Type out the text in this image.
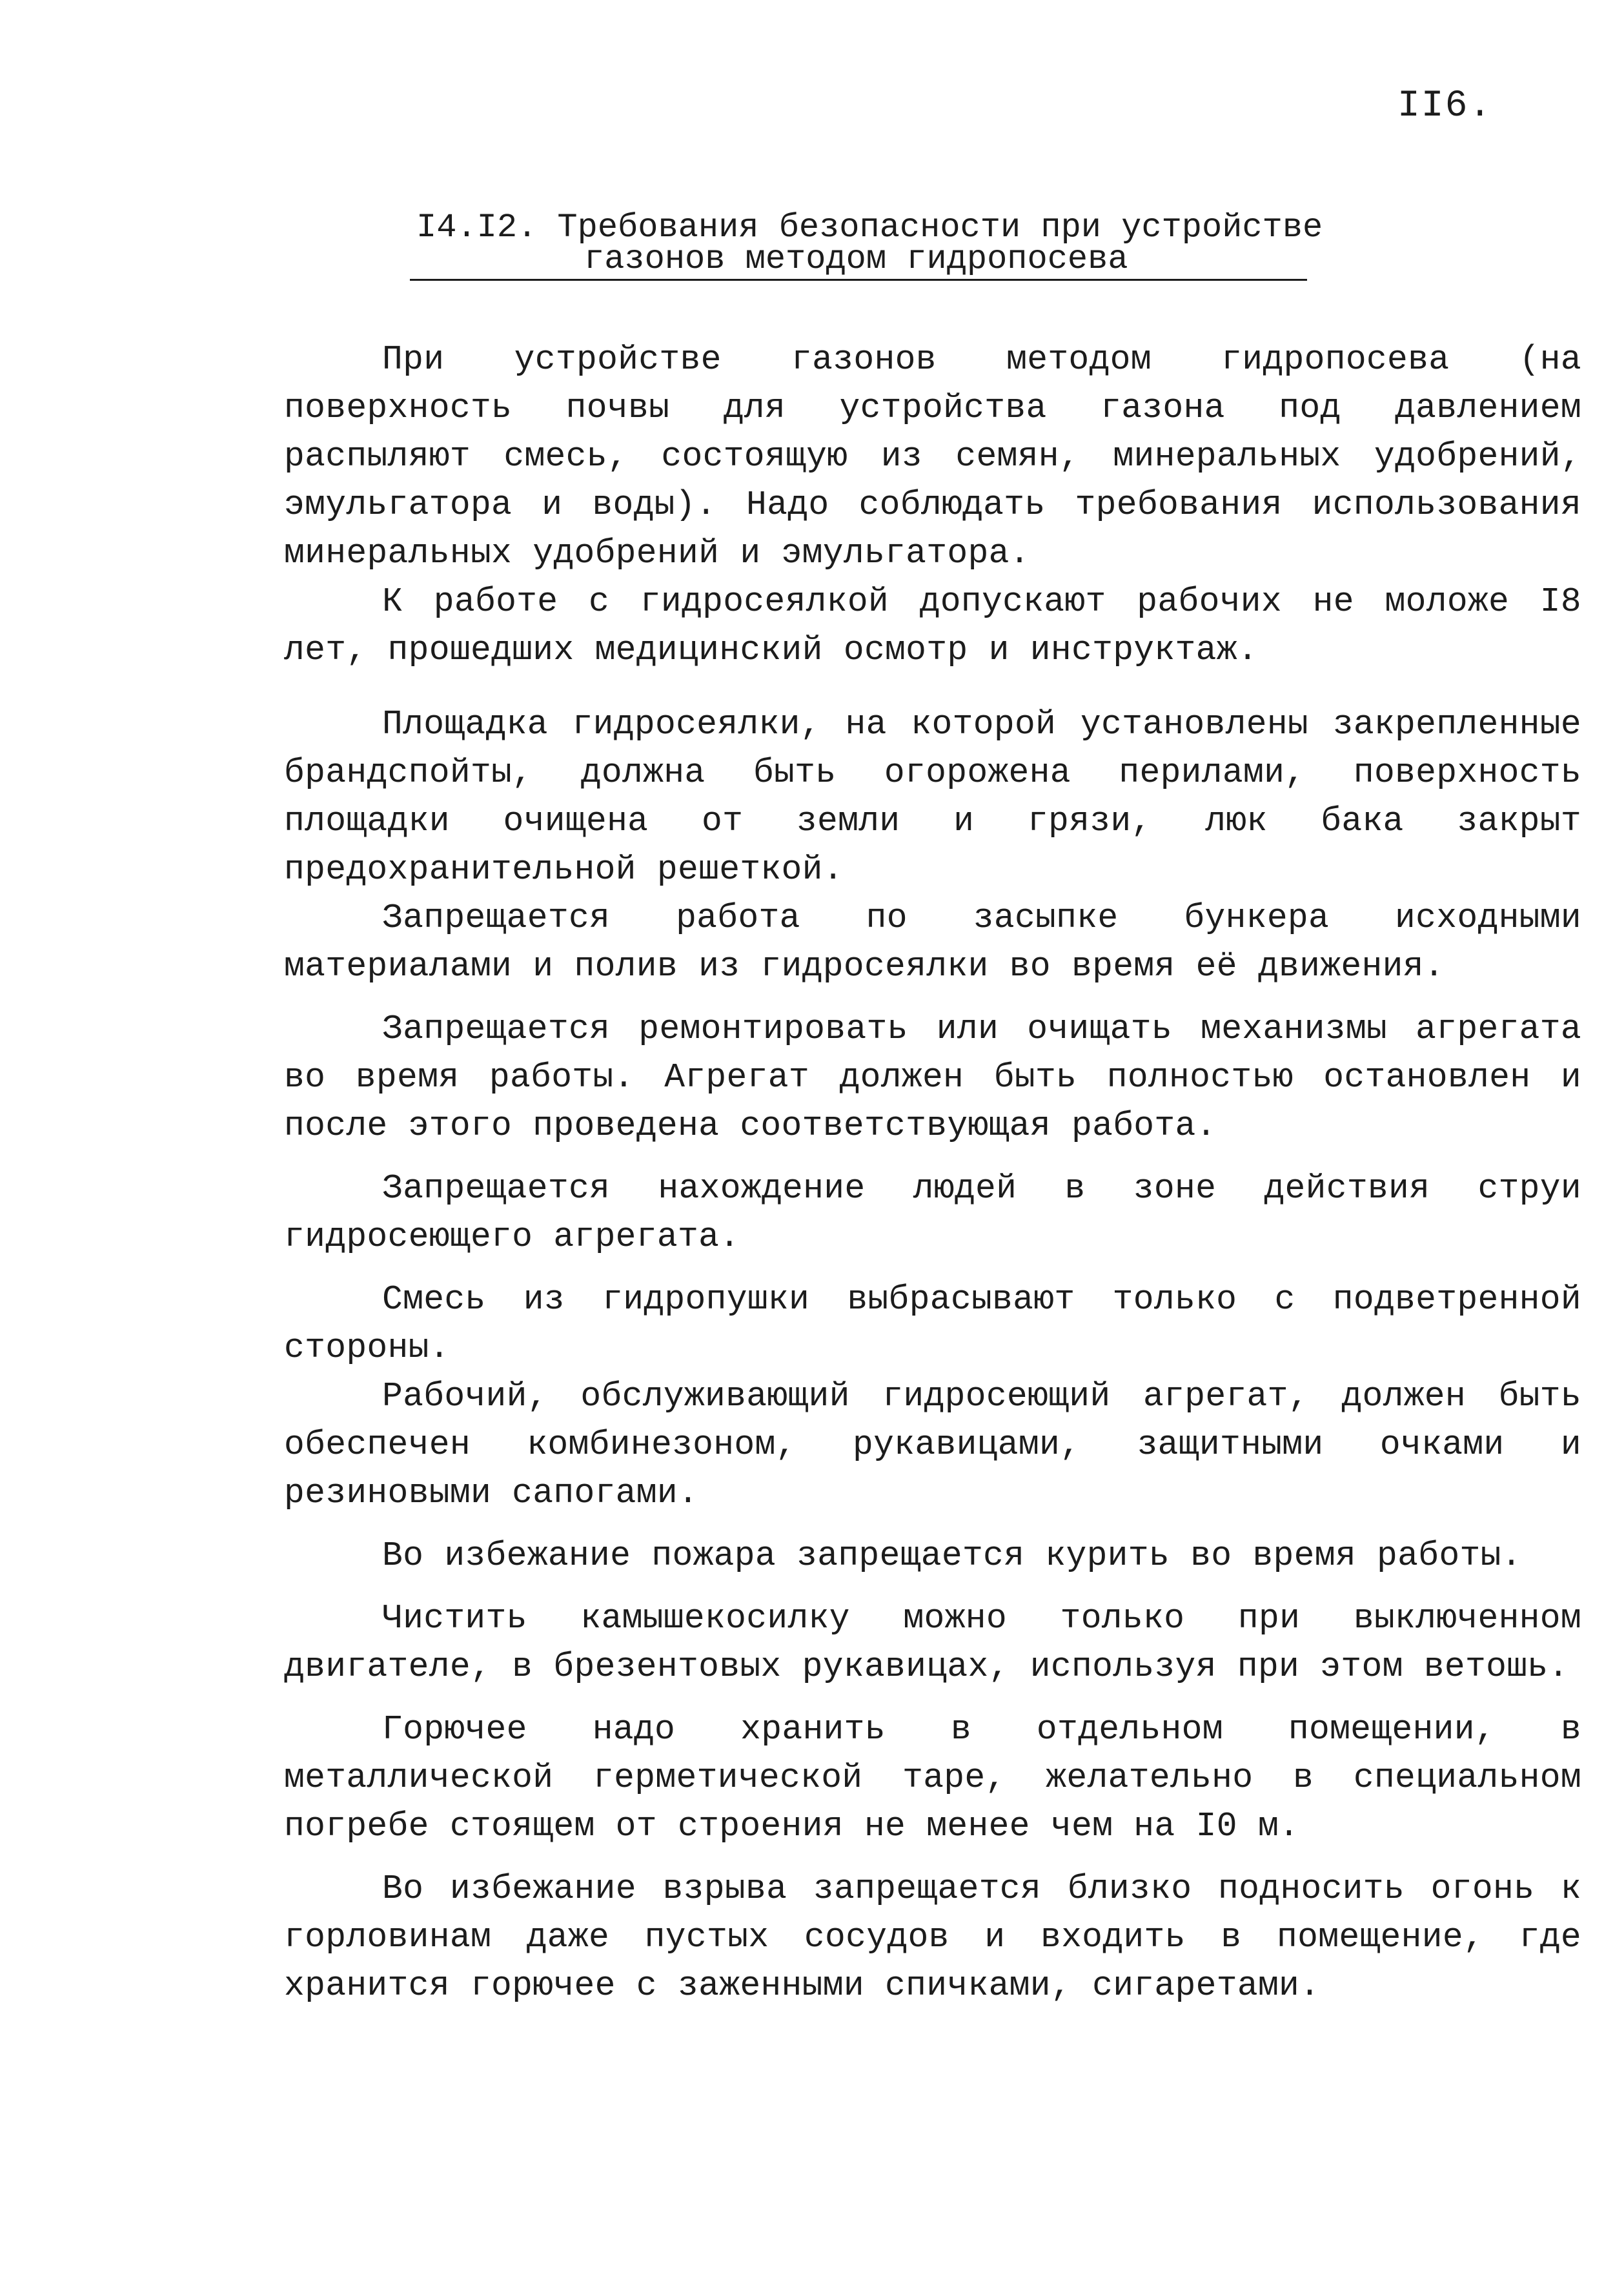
II6.
I4.I2. Требования безопасности при устройстве
газонов методом гидропосева

При устройстве газонов методом гидропосева (на поверхность почвы для устройства газона под давлением распыляют смесь, состоящую из семян, минеральных удобрений, эмульгатора и воды). Надо соблюдать требования использования минеральных удобрений и эмульгатора.

К работе с гидросеялкой допускают рабочих не моложе I8 лет, прошедших медицинский осмотр и инструктаж.

Площадка гидросеялки, на которой установлены закрепленные брандспойты, должна быть огорожена перилами, поверхность площадки очищена от земли и грязи, люк бака закрыт предохранительной решеткой.

Запрещается работа по засыпке бункера исходными материалами и полив из гидросеялки во время её движения.

Запрещается ремонтировать или очищать механизмы агрегата во время работы. Агрегат должен быть полностью остановлен и после этого проведена соответствующая работа.

Запрещается нахождение людей в зоне действия струи гидросеющего агрегата.

Смесь из гидропушки выбрасывают только с подветренной стороны.

Рабочий, обслуживающий гидросеющий агрегат, должен быть обеспечен комбинезоном, рукавицами, защитными очками и резиновыми сапогами.

Во избежание пожара запрещается курить во время работы.

Чистить камышекосилку можно только при выключенном двигателе, в брезентовых рукавицах, используя при этом ветошь.

Горючее надо хранить в отдельном помещении, в металлической герметической таре, желательно в специальном погребе стоящем от строения не менее чем на I0 м.

Во избежание взрыва запрещается близко подносить огонь к горловинам даже пустых сосудов и входить в помещение, где хранится горючее с заженными спичками, сигаретами.
